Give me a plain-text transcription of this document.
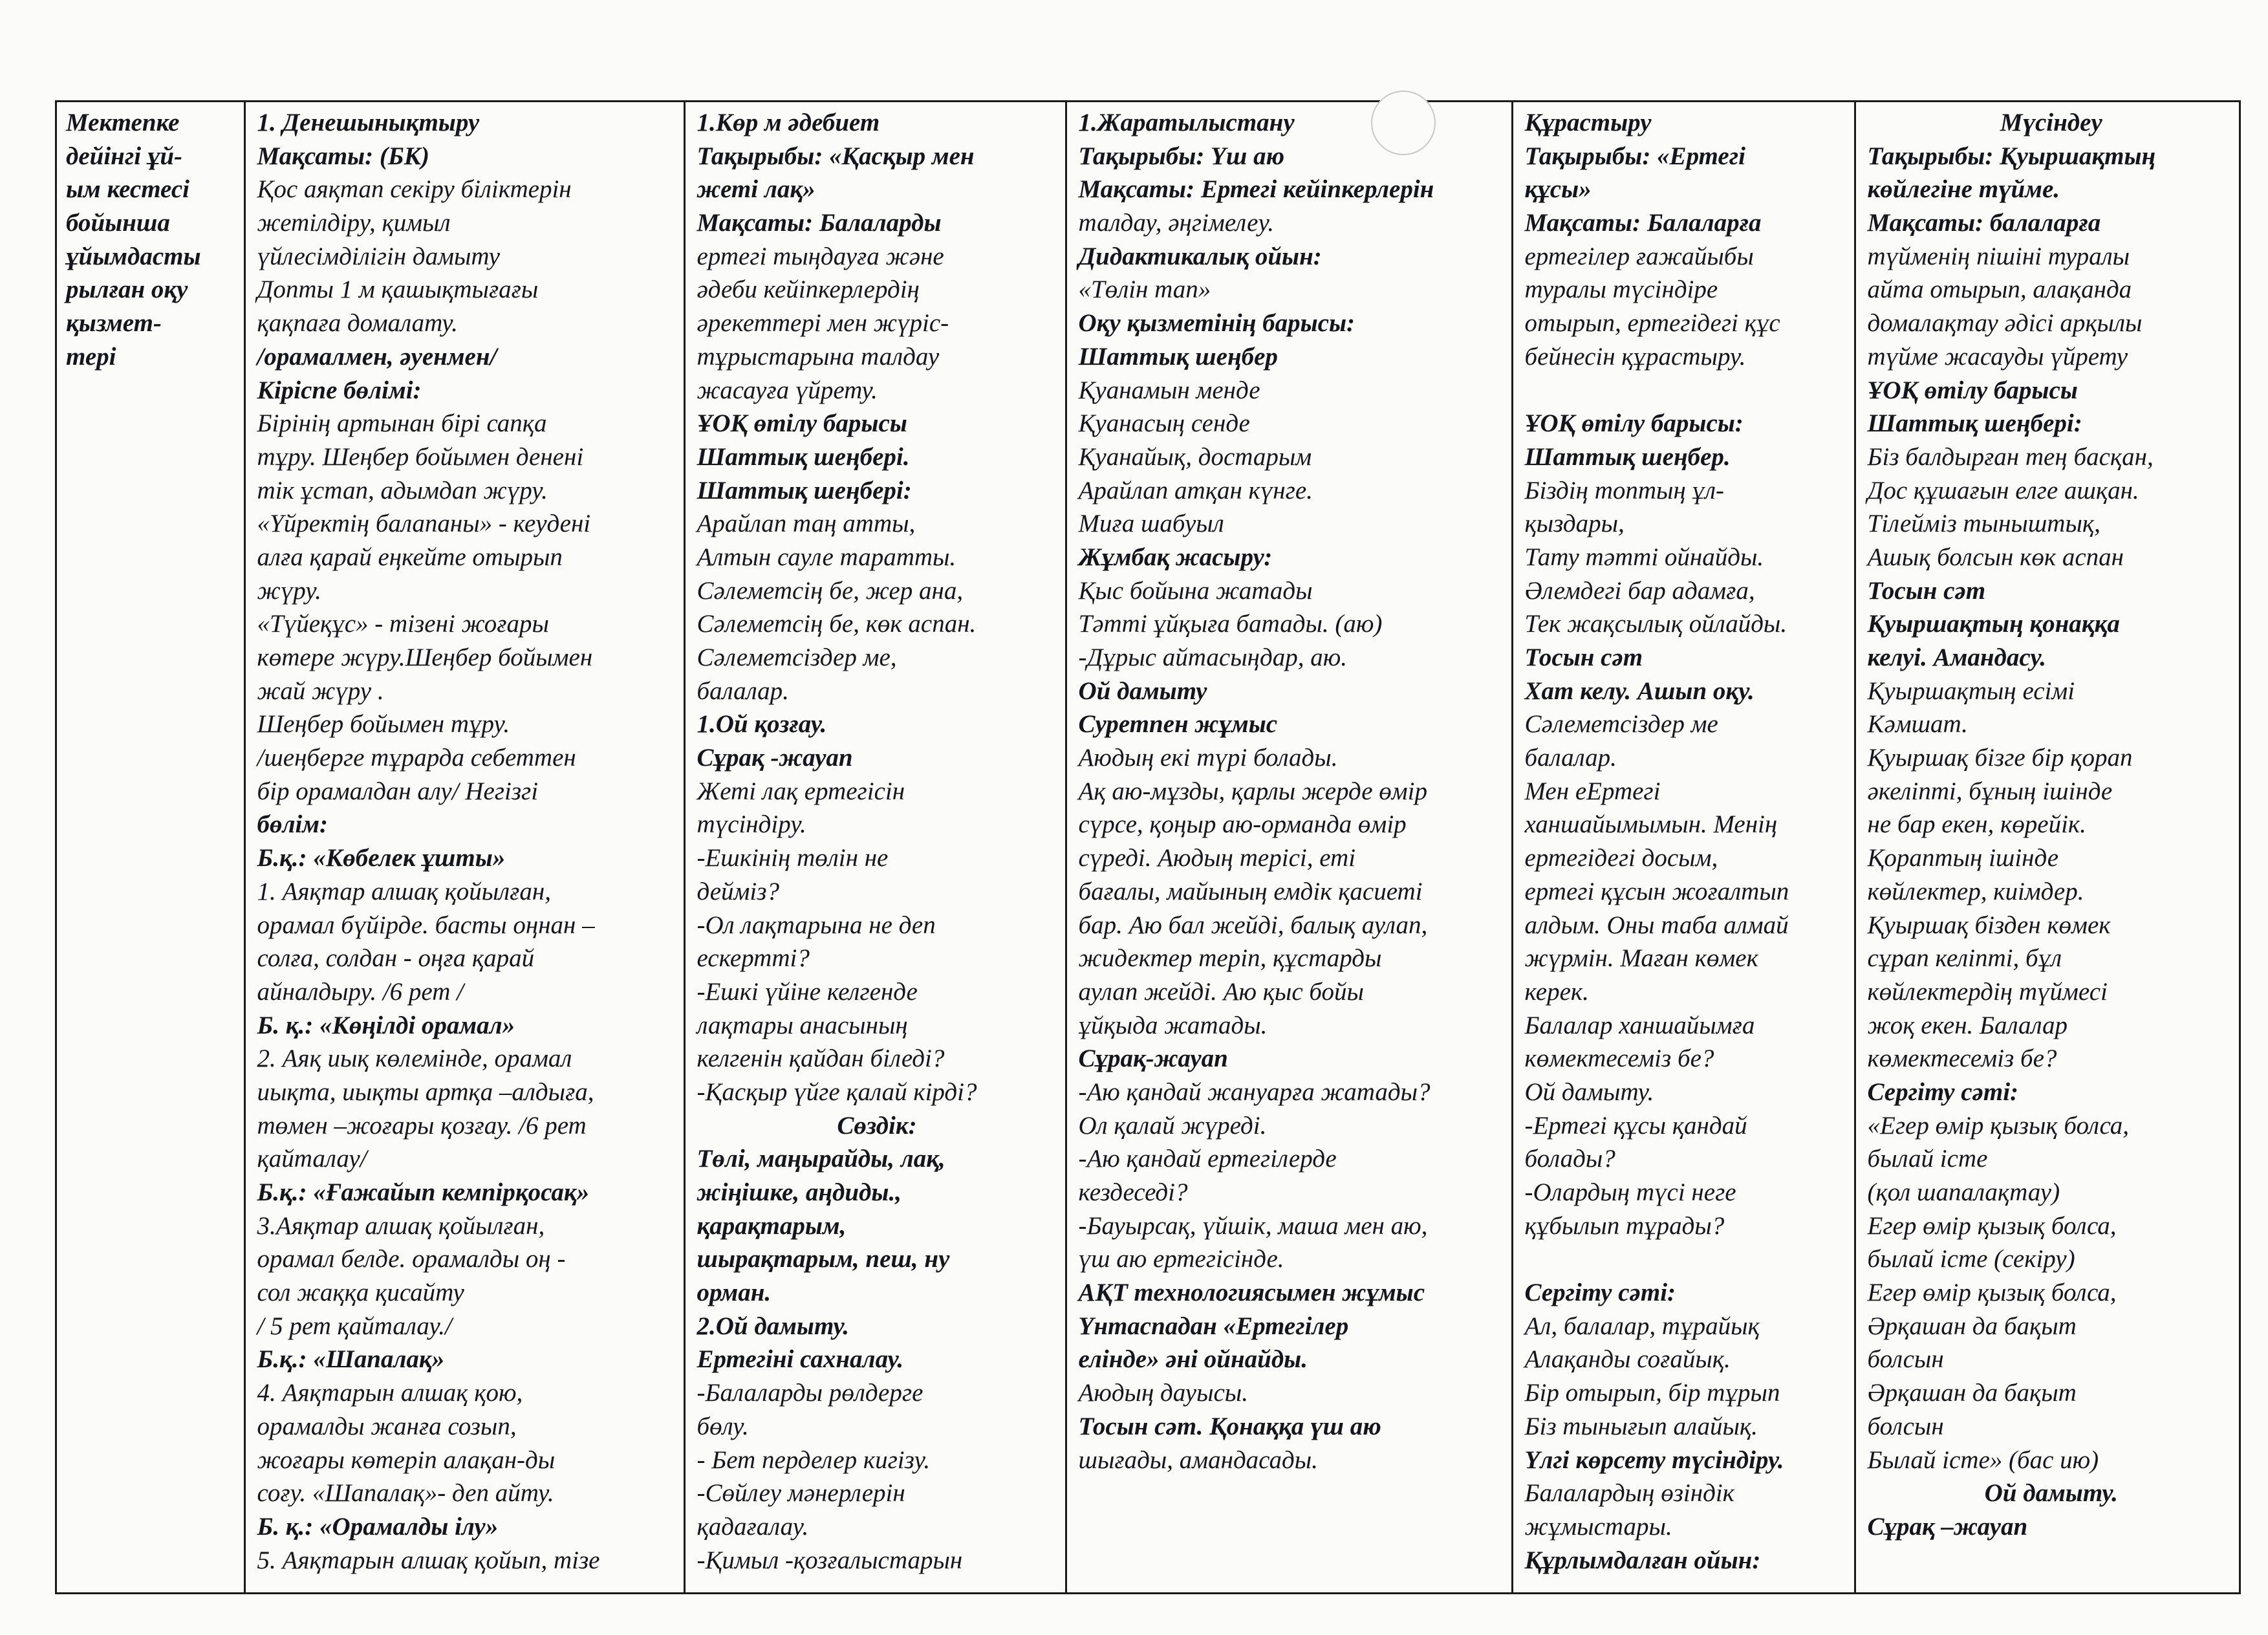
Мектепке
дейінгі ұй-
ым кестесі
бойынша
ұйымдасты
рылған оқу
қызмет-
тері

1. Денешынықтыру
Мақсаты: (БК)
Қос аяқтап секіру біліктерін
жетілдіру, қимыл
үйлесімділігін дамыту
Допты 1 м қашықтығағы
қақпаға домалату.
/орамалмен, әуенмен/
Кіріспе бөлімі:
Бірінің артынан бірі сапқа
тұру. Шеңбер бойымен денені
тік ұстап, адымдап жүру.
«Үйректің балапаны» - кеудені
алға қарай еңкейте отырып
жүру.
«Түйеқұс» - тізені жоғары
көтере жүру.Шеңбер бойымен
жай жүру .
Шеңбер бойымен тұру.
/шеңберге тұрарда себеттен
бір орамалдан алу/ Негізгі
бөлім:
Б.қ.: «Көбелек ұшты»
1. Аяқтар алшақ қойылған,
орамал бүйірде. басты оңнан –
солға, солдан - оңға қарай
айналдыру. /6 рет /
Б. қ.: «Көңілді орамал»
2. Аяқ иық көлемінде, орамал
иықта, иықты артқа –алдыға,
төмен –жоғары қозғау. /6 рет
қайталау/
Б.қ.: «Ғажайып кемпірқосақ»
3.Аяқтар алшақ қойылған,
орамал белде. орамалды оң -
сол жаққа қисайту
/ 5 рет қайталау./
Б.қ.: «Шапалақ»
4. Аяқтарын алшақ қою,
орамалды жанға созып,
жоғары көтеріп алақан-ды
соғу. «Шапалақ»- деп айту.
Б. қ.: «Орамалды ілу»
5. Аяқтарын алшақ қойып, тізе

1.Көр м әдебиет
Тақырыбы: «Қасқыр мен
жеті лақ»
Мақсаты: Балаларды
ертегі тыңдауға және
әдеби кейіпкерлердің
әрекеттері мен жүріс-
тұрыстарына талдау
жасауға үйрету.
ҰОҚ өтілу барысы
Шаттық шеңбері.
Шаттық шеңбері:
Арайлап таң атты,
Алтын сауле таратты.
Сәлеметсің бе, жер ана,
Сәлеметсің бе, көк аспан.
Сәлеметсіздер ме,
балалар.
1.Ой қозғау.
Сұрақ -жауап
Жеті лақ ертегісін
түсіндіру.
-Ешкінің төлін не
дейміз?
-Ол лақтарына не деп
ескертті?
-Ешкі үйіне келгенде
лақтары анасының
келгенін қайдан біледі?
-Қасқыр үйге қалай кірді?
Сөздік:
Төлі, маңырайды, лақ,
жіңішке, аңдиды.,
қарақтарым,
шырақтарым, пеш, ну
орман.
2.Ой дамыту.
Ертегіні сахналау.
-Балаларды рөлдерге
бөлу.
- Бет перделер кигізу.
-Сөйлеу мәнерлерін
қадағалау.
-Қимыл -қозғалыстарын

1.Жаратылыстану
Тақырыбы: Үш аю
Мақсаты: Ертегі кейіпкерлерін
талдау, әңгімелеу.
Дидактикалық ойын:
«Төлін тап»
Оқу қызметінің барысы:
Шаттық шеңбер
Қуанамын менде
Қуанасың сенде
Қуанайық, достарым
Арайлап атқан күнге.
Миға шабуыл
Жұмбақ жасыру:
Қыс бойына жатады
Тәтті ұйқыға батады. (аю)
-Дұрыс айтасыңдар, аю.
Ой дамыту
Суретпен жұмыс
Аюдың екі түрі болады.
Ақ аю-мұзды, қарлы жерде өмір
сүрсе, қоңыр аю-орманда өмір
сүреді. Аюдың терісі, еті
бағалы, майының емдік қасиеті
бар. Аю бал жейді, балық аулап,
жидектер теріп, құстарды
аулап жейді. Аю қыс бойы
ұйқыда жатады.
Сұрақ-жауап
-Аю қандай жануарға жатады?
Ол қалай жүреді.
-Аю қандай ертегілерде
кездеседі?
-Бауырсақ, үйшік, маша мен аю,
үш аю ертегісінде.
АҚТ технологиясымен жұмыс
Үнтаспадан «Ертегілер
елінде» әні ойнайды.
Аюдың дауысы.
Тосын сәт. Қонаққа үш аю
шығады, амандасады.

Құрастыру
Тақырыбы: «Ертегі
құсы»
Мақсаты: Балаларға
ертегілер ғажайыбы
туралы түсіндіре
отырып, ертегідегі құс
бейнесін құрастыру.
ҰОҚ өтілу барысы:
Шаттық шеңбер.
Біздің топтың ұл-
қыздары,
Тату тәтті ойнайды.
Әлемдегі бар адамға,
Тек жақсылық ойлайды.
Тосын сәт
Хат келу. Ашып оқу.
Сәлеметсіздер ме
балалар.
Мен еЕртегі
ханшайымымын. Менің
ертегідегі досым,
ертегі құсын жоғалтып
алдым. Оны таба алмай
жүрмін. Маған көмек
керек.
Балалар ханшайымға
көмектесеміз бе?
Ой дамыту.
-Ертегі құсы қандай
болады?
-Олардың түсі неге
құбылып тұрады?
Сергіту сәті:
Ал, балалар, тұрайық
Алақанды соғайық.
Бір отырып, бір тұрып
Біз тынығып алайық.
Үлгі көрсету түсіндіру.
Балалардың өзіндік
жұмыстары.
Құрлымдалған ойын:

Мүсіндеу
Тақырыбы: Қуыршақтың
көйлегіне түйме.
Мақсаты: балаларға
түйменің пішіні туралы
айта отырып, алақанда
домалақтау әдісі арқылы
түйме жасауды үйрету
ҰОҚ өтілу барысы
Шаттық шеңбері:
Біз балдырған тең басқан,
Дос құшағын елге ашқан.
Тілейміз тыныштық,
Ашық болсын көк аспан
Тосын сәт
Қуыршақтың қонаққа
келуі. Амандасу.
Қуыршақтың есімі
Кәмшат.
Қуыршақ бізге бір қорап
әкеліпті, бұның ішінде
не бар екен, көрейік.
Қораптың ішінде
көйлектер, киімдер.
Қуыршақ бізден көмек
сұрап келіпті, бұл
көйлектердің түймесі
жоқ екен. Балалар
көмектесеміз бе?
Сергіту сәті:
«Егер өмір қызық болса,
былай істе
(қол шапалақтау)
Егер өмір қызық болса,
былай істе (секіру)
Егер өмір қызық болса,
Әрқашан да бақыт
болсын
Әрқашан да бақыт
болсын
Былай істе» (бас ию)
Ой дамыту.
Сұрақ –жауап
